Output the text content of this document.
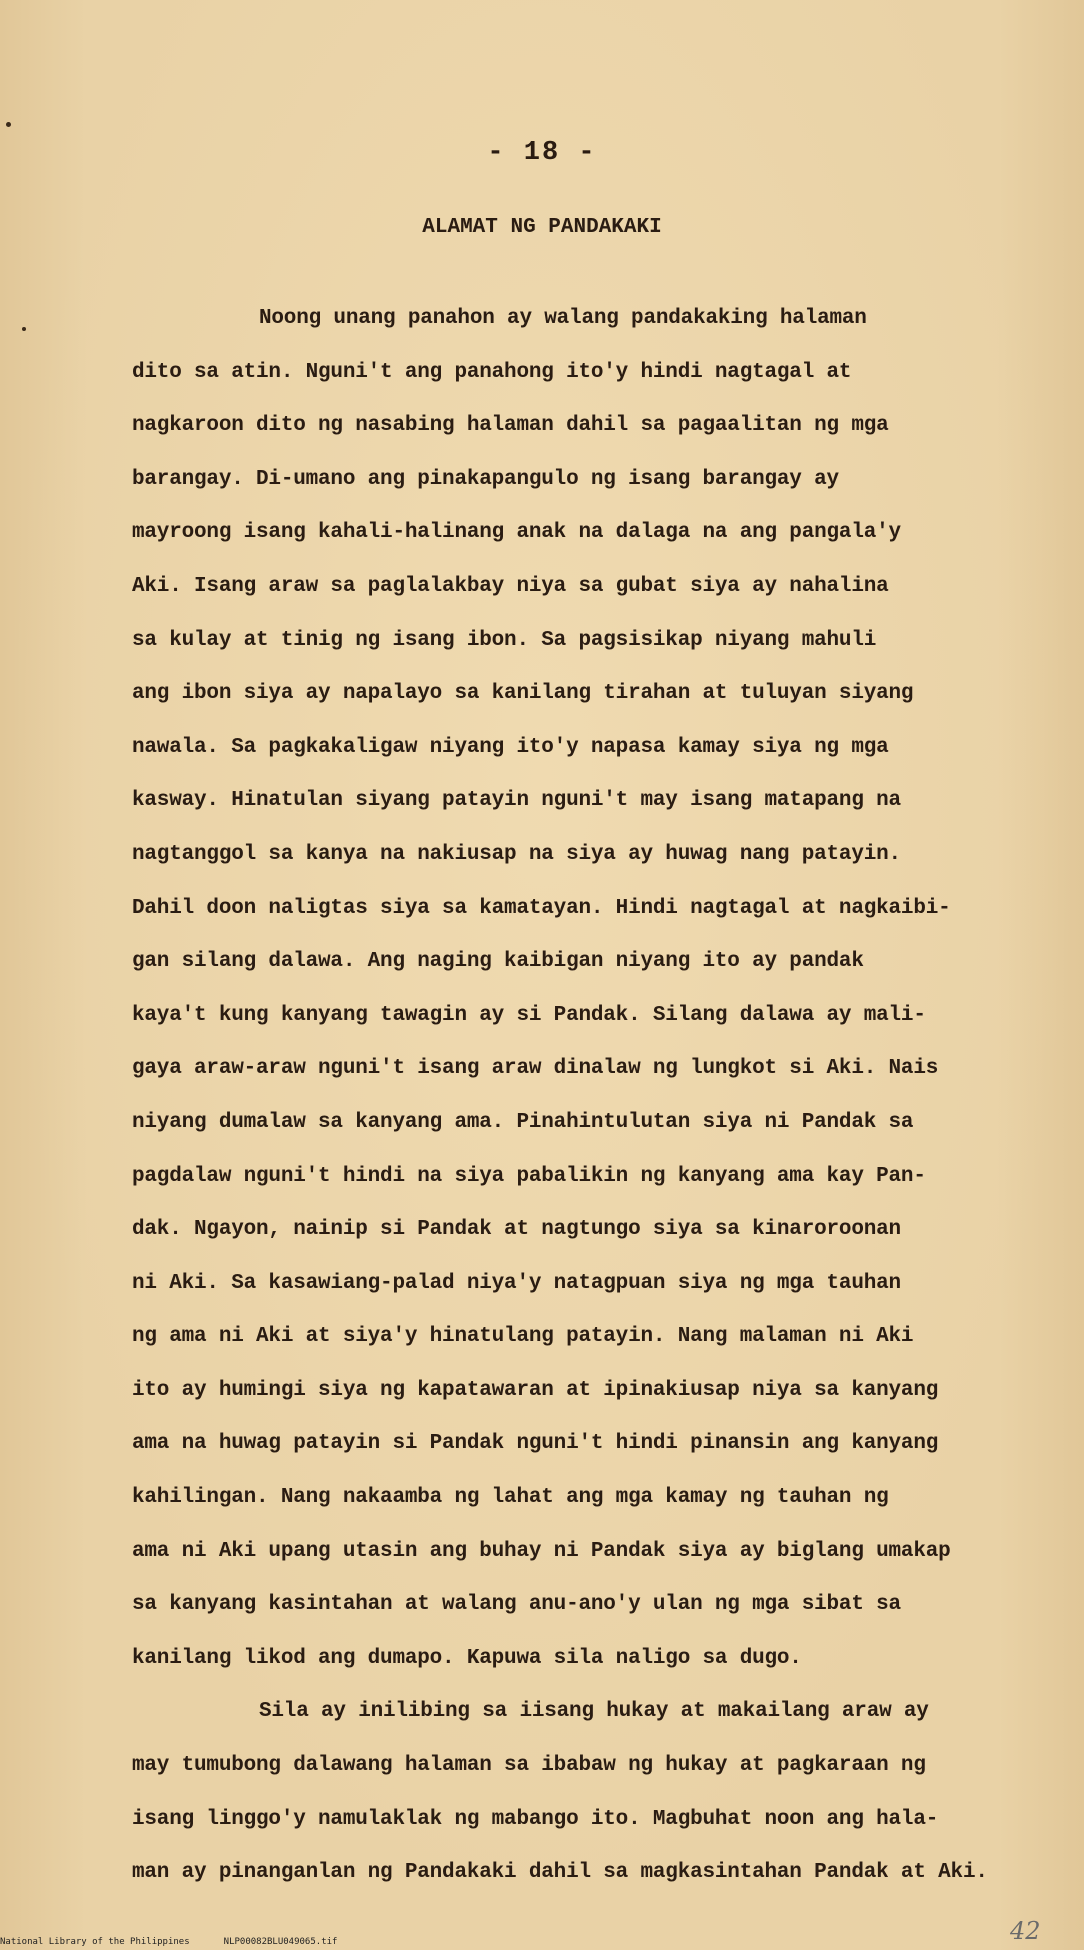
- 18 -
ALAMAT NG PANDAKAKI
Noong unang panahon ay walang pandakaking halaman
dito sa atin. Nguni't ang panahong ito'y hindi nagtagal at
nagkaroon dito ng nasabing halaman dahil sa pagaalitan ng mga
barangay. Di-umano ang pinakapangulo ng isang barangay ay
mayroong isang kahali-halinang anak na dalaga na ang pangala'y
Aki. Isang araw sa paglalakbay niya sa gubat siya ay nahalina
sa kulay at tinig ng isang ibon. Sa pagsisikap niyang mahuli
ang ibon siya ay napalayo sa kanilang tirahan at tuluyan siyang
nawala. Sa pagkakaligaw niyang ito'y napasa kamay siya ng mga
kasway. Hinatulan siyang patayin nguni't may isang matapang na
nagtanggol sa kanya na nakiusap na siya ay huwag nang patayin.
Dahil doon naligtas siya sa kamatayan. Hindi nagtagal at nagkaibi-
gan silang dalawa. Ang naging kaibigan niyang ito ay pandak
kaya't kung kanyang tawagin ay si Pandak. Silang dalawa ay mali-
gaya araw-araw nguni't isang araw dinalaw ng lungkot si Aki. Nais
niyang dumalaw sa kanyang ama. Pinahintulutan siya ni Pandak sa
pagdalaw nguni't hindi na siya pabalikin ng kanyang ama kay Pan-
dak. Ngayon, nainip si Pandak at nagtungo siya sa kinaroroonan
ni Aki. Sa kasawiang-palad niya'y natagpuan siya ng mga tauhan
ng ama ni Aki at siya'y hinatulang patayin. Nang malaman ni Aki
ito ay humingi siya ng kapatawaran at ipinakiusap niya sa kanyang
ama na huwag patayin si Pandak nguni't hindi pinansin ang kanyang
kahilingan. Nang nakaamba ng lahat ang mga kamay ng tauhan ng
ama ni Aki upang utasin ang buhay ni Pandak siya ay biglang umakap
sa kanyang kasintahan at walang anu-ano'y ulan ng mga sibat sa
kanilang likod ang dumapo. Kapuwa sila naligo sa dugo.
Sila ay inilibing sa iisang hukay at makailang araw ay
may tumubong dalawang halaman sa ibabaw ng hukay at pagkaraan ng
isang linggo'y namulaklak ng mabango ito. Magbuhat noon ang hala-
man ay pinanganlan ng Pandakaki dahil sa magkasintahan Pandak at Aki.
42
National Library of the Philippines	NLP00082BLU049065.tif
